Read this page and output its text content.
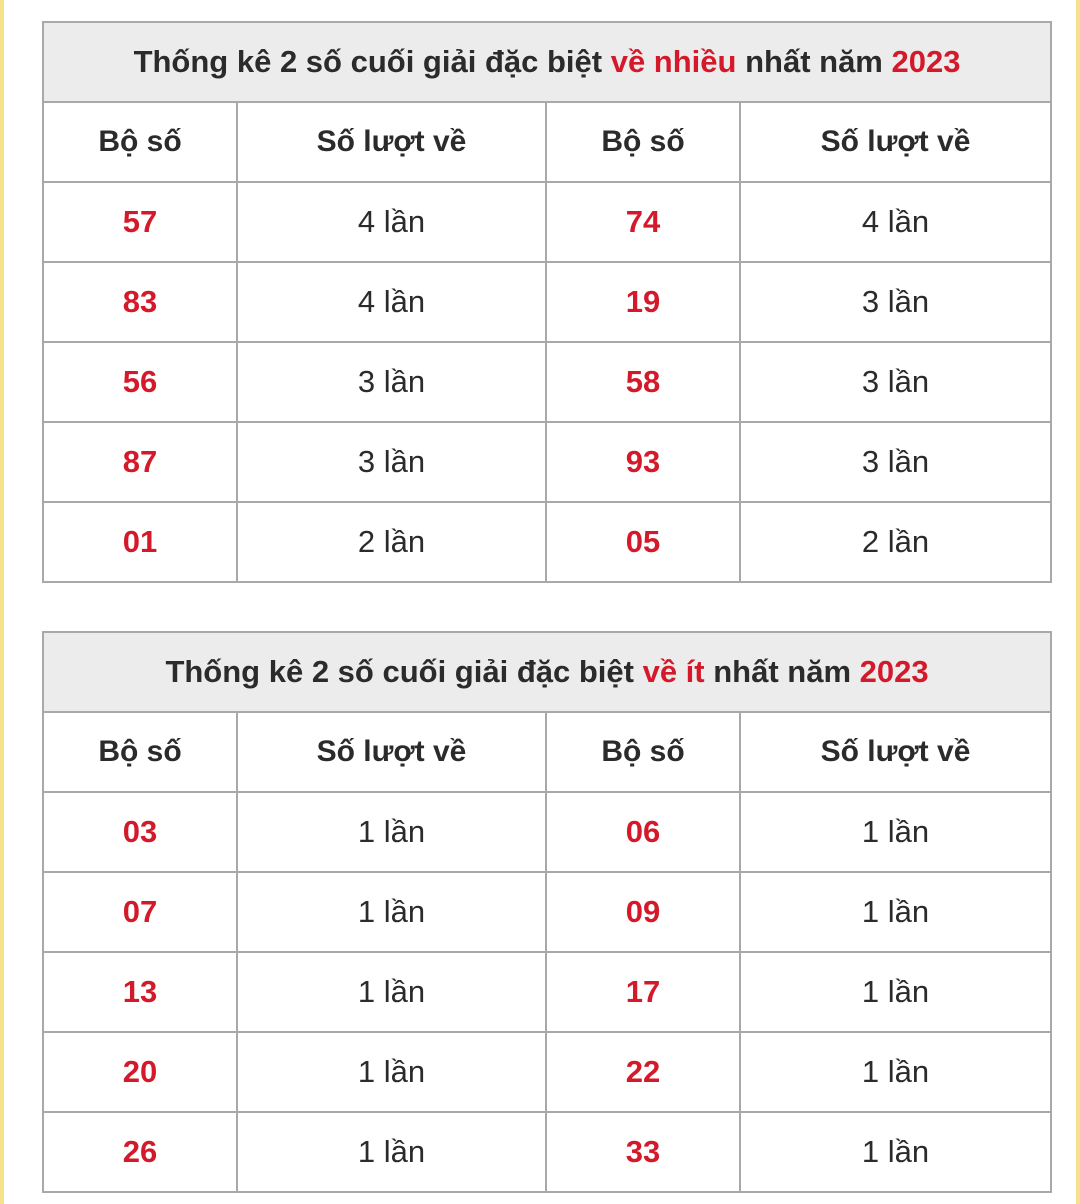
Thống kê 2 số cuối giải đặc biệt về nhiều nhất năm 2023			
Bộ số	Số lượt về	Bộ số	Số lượt về
57	4 lần	74	4 lần
83	4 lần	19	3 lần
56	3 lần	58	3 lần
87	3 lần	93	3 lần
01	2 lần	05	2 lần
Thống kê 2 số cuối giải đặc biệt về ít nhất năm 2023			
Bộ số	Số lượt về	Bộ số	Số lượt về
03	1 lần	06	1 lần
07	1 lần	09	1 lần
13	1 lần	17	1 lần
20	1 lần	22	1 lần
26	1 lần	33	1 lần
